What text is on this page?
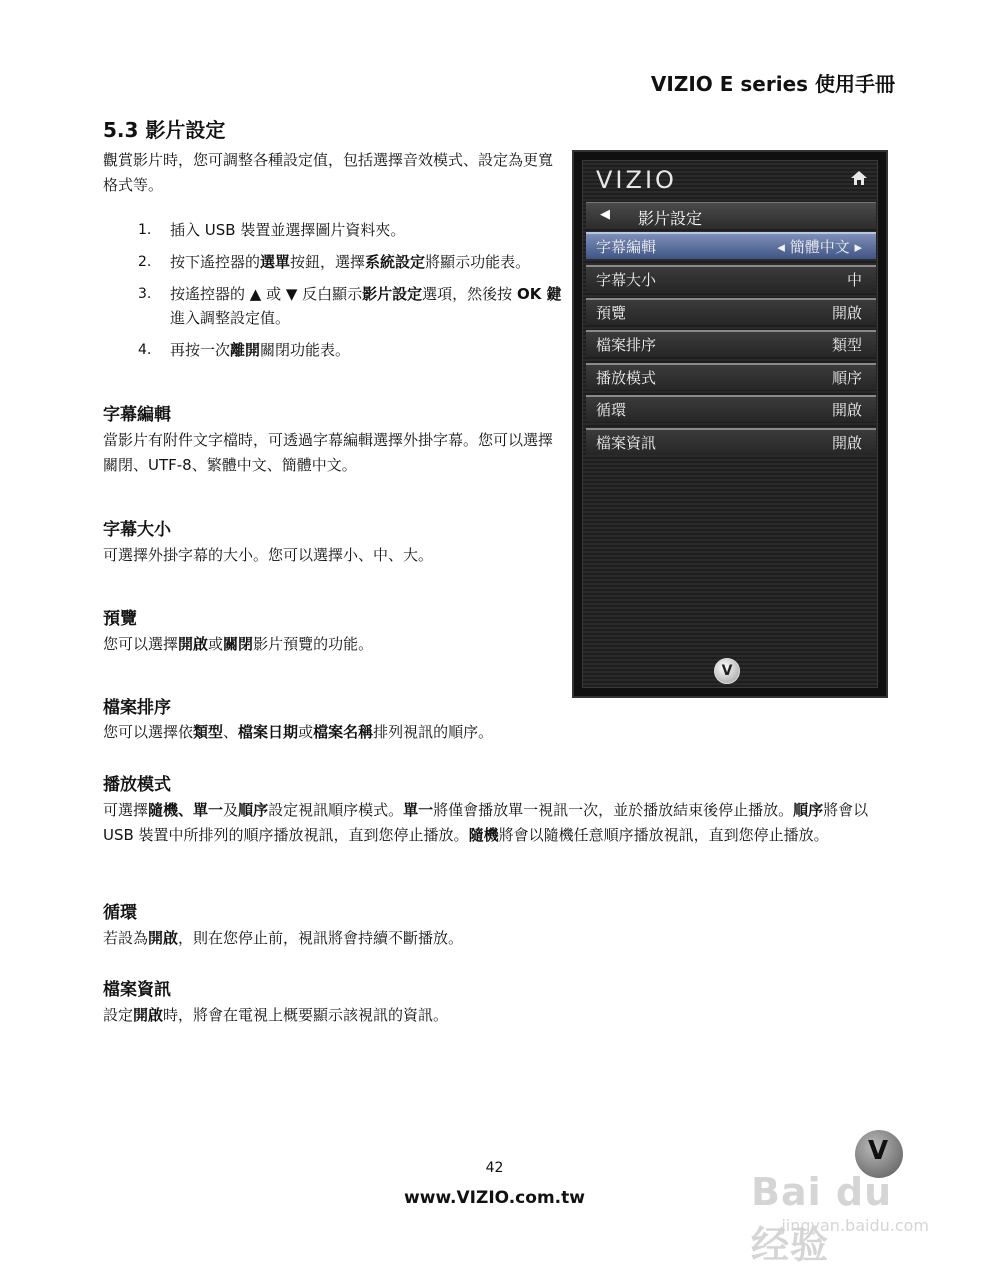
VIZIO E series 使用手冊
5.3 影片設定
觀賞影片時，您可調整各種設定值，包括選擇音效模式、設定為更寬格式等。
1. 插入 USB 裝置並選擇圖片資料夾。
2. 按下遙控器的選單按鈕，選擇系統設定將顯示功能表。
3. 按遙控器的 ▲ 或 ▼ 反白顯示影片設定選項，然後按 OK 鍵進入調整設定值。
4. 再按一次離開關閉功能表。
字幕編輯
當影片有附件文字檔時，可透過字幕編輯選擇外掛字幕。您可以選擇關閉、UTF-8、繁體中文、簡體中文。
字幕大小
可選擇外掛字幕的大小。您可以選擇小、中、大。
預覽
您可以選擇開啟或關閉影片預覽的功能。
檔案排序
您可以選擇依類型、檔案日期或檔案名稱排列視訊的順序。
播放模式
可選擇隨機、單一及順序設定視訊順序模式。單一將僅會播放單一視訊一次，並於播放結束後停止播放。順序將會以 USB 裝置中所排列的順序播放視訊，直到您停止播放。隨機將會以隨機任意順序播放視訊，直到您停止播放。
循環
若設為開啟，則在您停止前，視訊將會持續不斷播放。
檔案資訊
設定開啟時，將會在電視上概要顯示該視訊的資訊。
VIZIO
◀ 影片設定
字幕編輯	◂ 簡體中文 ▸
字幕大小	中
預覽	開啟
檔案排序	類型
播放模式	順序
循環	開啟
檔案資訊	開啟
V
42
www.VIZIO.com.tw
V
Bai du 经验
jingyan.baidu.com
